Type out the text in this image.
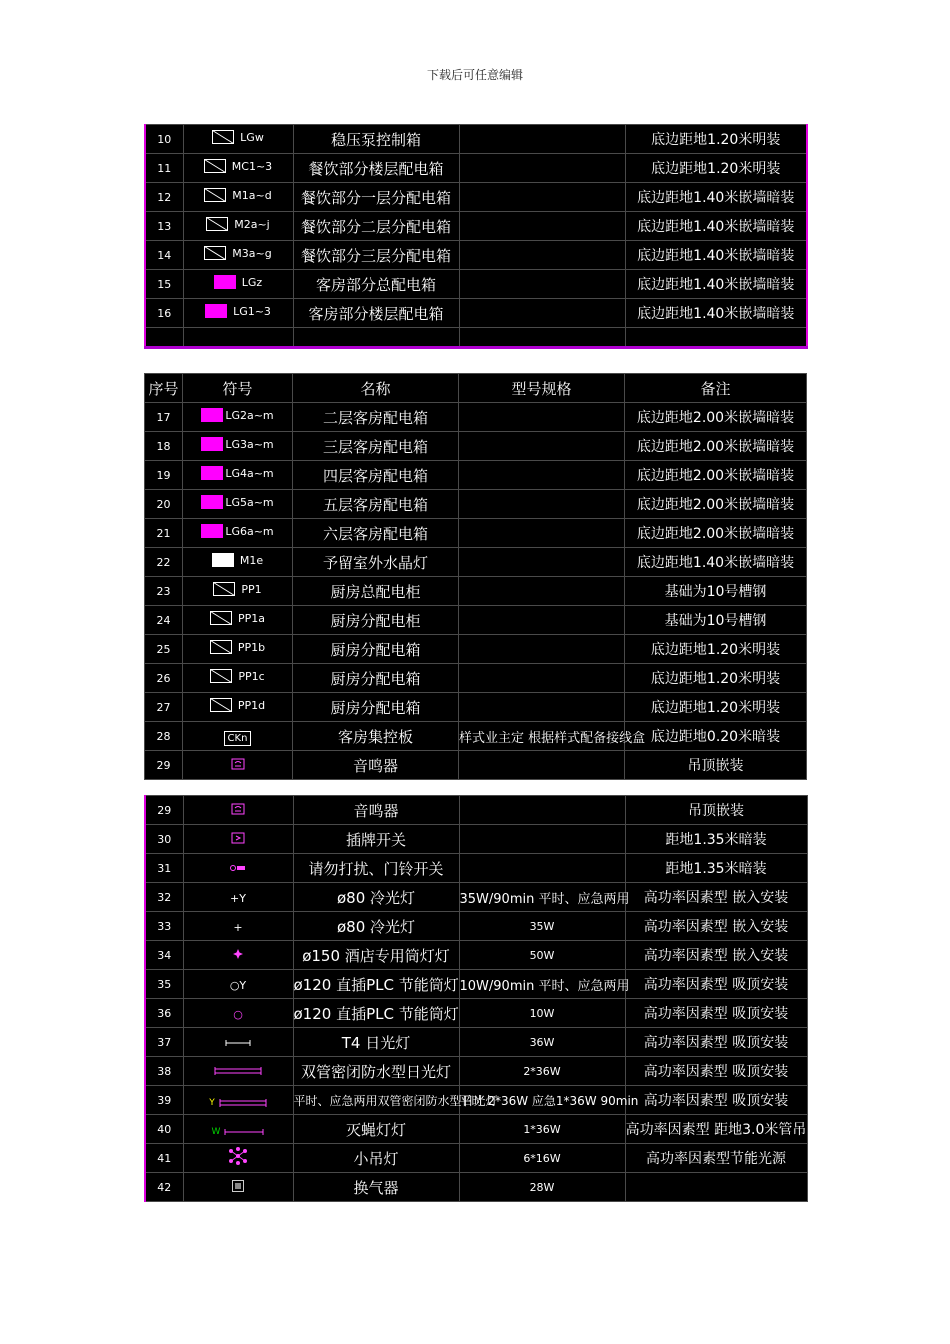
下载后可任意编辑
10	LGw	稳压泵控制箱		底边距地1.20米明装
11	MC1~3	餐饮部分楼层配电箱		底边距地1.20米明装
12	M1a~d	餐饮部分一层分配电箱		底边距地1.40米嵌墙暗装
13	M2a~j	餐饮部分二层分配电箱		底边距地1.40米嵌墙暗装
14	M3a~g	餐饮部分三层分配电箱		底边距地1.40米嵌墙暗装
15	LGz	客房部分总配电箱		底边距地1.40米嵌墙暗装
16	LG1~3	客房部分楼层配电箱		底边距地1.40米嵌墙暗装

序号	符号	名称	型号规格	备注
17	LG2a~m	二层客房配电箱		底边距地2.00米嵌墙暗装
18	LG3a~m	三层客房配电箱		底边距地2.00米嵌墙暗装
19	LG4a~m	四层客房配电箱		底边距地2.00米嵌墙暗装
20	LG5a~m	五层客房配电箱		底边距地2.00米嵌墙暗装
21	LG6a~m	六层客房配电箱		底边距地2.00米嵌墙暗装
22	M1e	予留室外水晶灯		底边距地1.40米嵌墙暗装
23	PP1	厨房总配电柜		基础为10号槽钢
24	PP1a	厨房分配电柜		基础为10号槽钢
25	PP1b	厨房分配电箱		底边距地1.20米明装
26	PP1c	厨房分配电箱		底边距地1.20米明装
27	PP1d	厨房分配电箱		底边距地1.20米明装
28	CKn	客房集控板	样式业主定 根据样式配备接线盒	底边距地0.20米暗装
29		音鸣器		吊顶嵌装
29		音鸣器		吊顶嵌装
30		插牌开关		距地1.35米暗装
31		请勿打扰、门铃开关		距地1.35米暗装
32	+Y	ø80 冷光灯	35W/90min 平时、应急两用	高功率因素型 嵌入安装
33	+	ø80 冷光灯	35W	高功率因素型 嵌入安装
34		ø150 酒店专用筒灯灯	50W	高功率因素型 嵌入安装
35	○Y	ø120 直插PLC 节能筒灯	10W/90min 平时、应急两用	高功率因素型 吸顶安装
36	○	ø120 直插PLC 节能筒灯	10W	高功率因素型 吸顶安装
37		T4 日光灯	36W	高功率因素型 吸顶安装
38		双管密闭防水型日光灯	2*36W	高功率因素型 吸顶安装
39	Y	平时、应急两用双管密闭防水型日光灯	平时 2*36W 应急1*36W 90min	高功率因素型 吸顶安装
40	W	灭蝇灯灯	1*36W	高功率因素型 距地3.0米管吊
41		小吊灯	6*16W	高功率因素型节能光源
42		换气器	28W	
